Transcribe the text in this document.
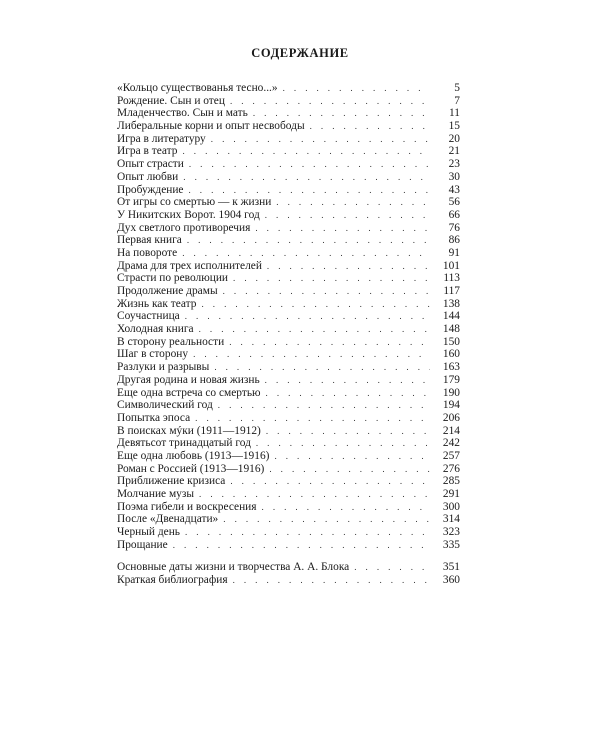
СОДЕРЖАНИЕ
«Кольцо существованья тесно...» . . .	5
Рождение. Сын и отец . . .	7
Младенчество. Сын и мать . . .	11
Либеральные корни и опыт несвободы . . .	15
Игра в литературу . . .	20
Игра в театр . . .	21
Опыт страсти . . .	23
Опыт любви . . .	30
Пробуждение . . .	43
От игры со смертью — к жизни . . .	56
У Никитских Ворот. 1904 год . . .	66
Дух светлого противоречия . . .	76
Первая книга . . .	86
На повороте . . .	91
Драма для трех исполнителей . . .	101
Страсти по революции . . .	113
Продолжение драмы . . .	117
Жизнь как театр . . .	138
Соучастница . . .	144
Холодная книга . . .	148
В сторону реальности . . .	150
Шаг в сторону . . .	160
Разлуки и разрывы . . .	163
Другая родина и новая жизнь . . .	179
Еще одна встреча со смертью . . .	190
Символический год . . .	194
Попытка эпоса . . .	206
В поисках мýки (1911—1912) . . .	214
Девятьсот тринадцатый год . . .	242
Еще одна любовь (1913—1916) . . .	257
Роман с Россией (1913—1916) . . .	276
Приближение кризиса . . .	285
Молчание музы . . .	291
Поэма гибели и воскресения . . .	300
После «Двенадцати» . . .	314
Черный день . . .	323
Прощание . . .	335
Основные даты жизни и творчества А. А. Блока . . .	351
Краткая библиография . . .	360
